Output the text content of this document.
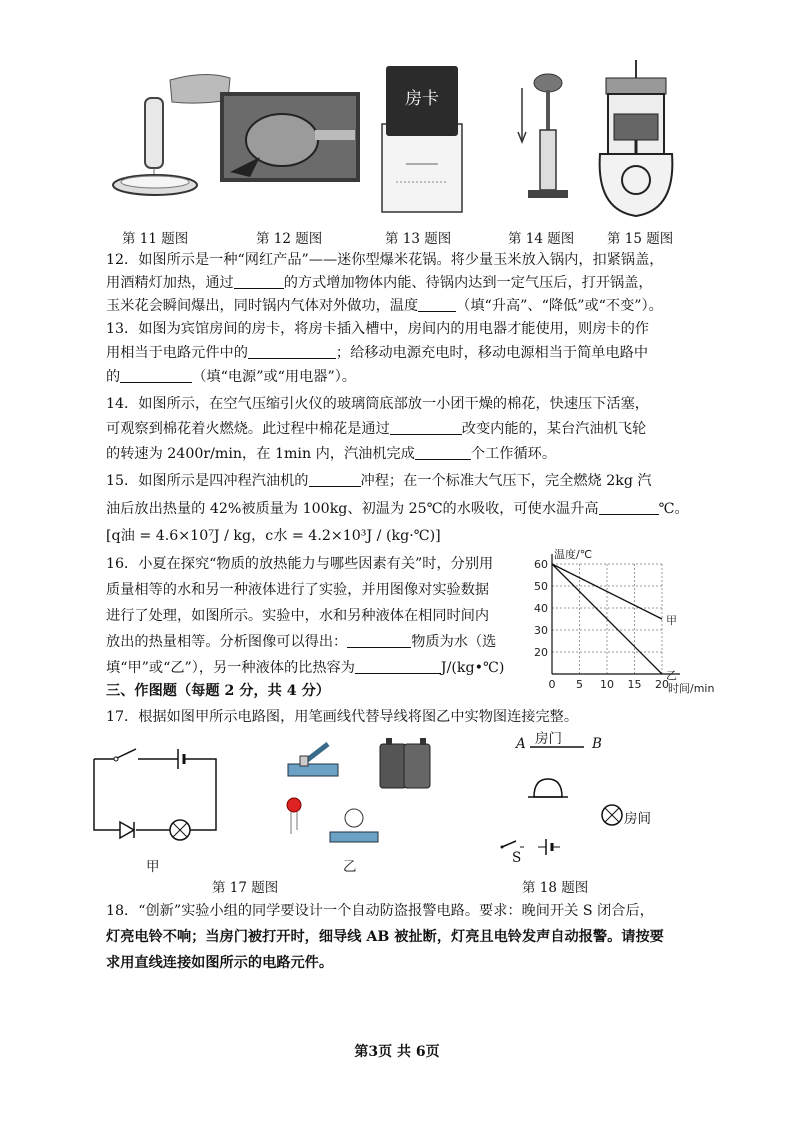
房卡
第 11 题图	第 12 题图	第 13 题图	第 14 题图 第 15 题图
12．如图所示是一种“网红产品”——迷你型爆米花锅。将少量玉米放入锅内，扣紧锅盖，
用酒精灯加热，通过	的方式增加物体内能、待锅内达到一定气压后，打开锅盖，
玉米花会瞬间爆出，同时锅内气体对外做功，温度	（填“升高”、“降低”或“不变”）。
13．如图为宾馆房间的房卡，将房卡插入槽中，房间内的用电器才能使用，则房卡的作
用相当于电路元件中的	；给移动电源充电时，移动电源相当于简单电路中
的	（填“电源”或“用电器”）。
14．如图所示，在空气压缩引火仪的玻璃筒底部放一小团干燥的棉花，快速压下活塞，
可观察到棉花着火燃烧。此过程中棉花是通过	改变内能的，某台汽油机飞轮
的转速为 2400r/min，在 1min 内，汽油机完成	个工作循环。
15．如图所示是四冲程汽油机的	冲程；在一个标准大气压下，完全燃烧 2kg 汽
油后放出热量的 42%被质量为 100kg、初温为 25℃的水吸收，可使水温升高	℃。
[q油 = 4.6×10⁷J / kg，c水 = 4.2×10³J / (kg·℃)]
16．小夏在探究“物质的放热能力与哪些因素有关”时，分别用
质量相等的水和另一种液体进行了实验，并用图像对实验数据
进行了处理，如图所示。实验中，水和另种液体在相同时间内
放出的热量相等。分析图像可以得出：	物质为水（选
填“甲”或“乙”），另一种液体的比热容为	J/(kg•℃)
0 5 10 15 20
20
30
40
50
60
温度/℃
时间/min
甲
乙
三、作图题（每题 2 分，共 4 分）
17．根据如图甲所示电路图，用笔画线代替导线将图乙中实物图连接完整。
甲	乙
A 房门 B
房间
S
第 17 题图	第 18 题图
18．“创新”实验小组的同学要设计一个自动防盗报警电路。要求：晚间开关 S 闭合后，
灯亮电铃不响；当房门被打开时，细导线 AB 被扯断，灯亮且电铃发声自动报警。请按要
求用直线连接如图所示的电路元件。
第3页 共 6页
